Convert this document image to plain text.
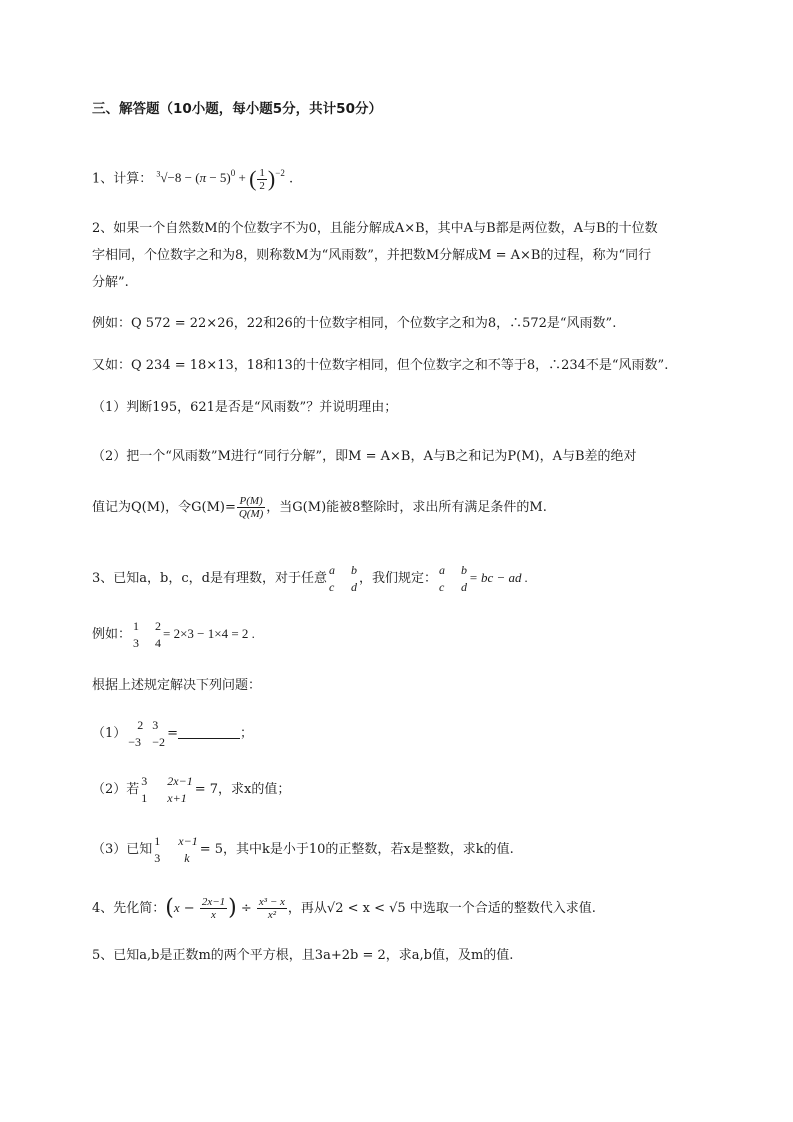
三、解答题（10小题，每小题5分，共计50分）
1、计算： $^3√-8 - (\pi - 5)^0$ + ( $\frac{1}{2} )^{-2}$ .
2、如果一个自然数M的个位数字不为0，且能分解成A×B，其中A与B都是两位数，A与B的十位数
字相同，个位数字之和为8，则称数M为“风雨数”，并把数M分解成M = A×B的过程，称为“同行
分解”.
例如：Q 572 = 22×26，22和26的十位数字相同，个位数字之和为8，∴572是“风雨数”.
又如：Q 234 = 18×13，18和13的十位数字相同，但个位数字之和不等于8，∴234不是“风雨数”.
（1）判断195，621是否是“风雨数”？并说明理由；
（2）把一个“风雨数”M进行“同行分解”，即M = A×B，A与B之和记为P(M)，A与B差的绝对
值记为Q(M)，令$G(M)= \frac{P(M)}{Q(M)}$ ，当G(M)能被8整除时，求出所有满足条件的M.
3、已知a，b，c，d是有理数，对于任意
a b
c d
，我们规定：
a b
c d
= bc − ad .
例如：
1 2
3 4
= 2×3 − 1×4 = 2 .
根据上述规定解决下列问题：
（1）
2 3
−3 −2
=	；
（2）若
3 2x−1
1 x+1
= 7，求x的值；
（3）已知
1 x−1
3 k
= 5，其中k是小于10的正整数，若x是整数，求k的值.
4、先化简：($x - \frac{2x-1}{x}$ ) ÷ $\frac{\text{x³ − x}}{\text{x²}}$ ，再从√2 < x < √5 中选取一个合适的整数代入求值.
5、已知a,b是正数m的两个平方根，且3a+2b = 2，求a,b值，及m的值.
